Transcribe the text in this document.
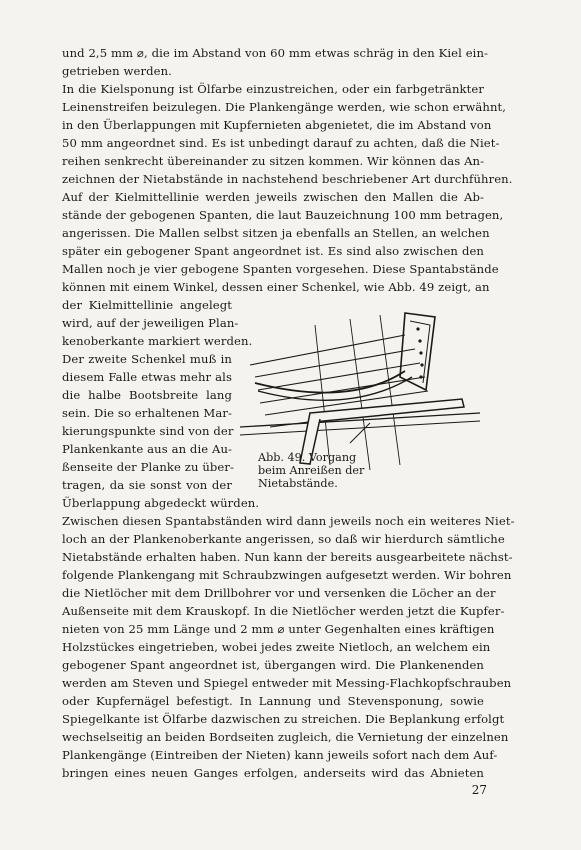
und 2,5 mm ⌀, die im Abstand von 60 mm etwas schräg in den Kiel ein-
getrieben werden.
In die Kielsponung ist Ölfarbe einzustreichen, oder ein farbgetränkter
Leinenstreifen beizulegen. Die Plankengänge werden, wie schon erwähnt,
in den Überlappungen mit Kupfernieten abgenietet, die im Abstand von
50 mm angeordnet sind. Es ist unbedingt darauf zu achten, daß die Niet-
reihen senkrecht übereinander zu sitzen kommen. Wir können das An-
zeichnen der Nietabstände in nachstehend beschriebener Art durchführen.
Auf der Kielmittellinie werden jeweils zwischen den Mallen die Ab-
stände der gebogenen Spanten, die laut Bauzeichnung 100 mm betragen,
angerissen. Die Mallen selbst sitzen ja ebenfalls an Stellen, an welchen
später ein gebogener Spant angeordnet ist. Es sind also zwischen den
Mallen noch je vier gebogene Spanten vorgesehen. Diese Spantabstände
können mit einem Winkel, dessen einer Schenkel, wie Abb. 49 zeigt, an
der Kielmittellinie angelegt
wird, auf der jeweiligen Plan-
kenoberkante markiert werden.
Der zweite Schenkel muß in
diesem Falle etwas mehr als
die halbe Bootsbreite lang
sein. Die so erhaltenen Mar-
kierungspunkte sind von der
Plankenkante aus an die Au-
ßenseite der Planke zu über-
tragen, da sie sonst von der
Überlappung abgedeckt würden.
Abb. 49. Vorgang
beim Anreißen der
Nietabstände.
Zwischen diesen Spantabständen wird dann jeweils noch ein weiteres Niet-
loch an der Plankenoberkante angerissen, so daß wir hierdurch sämtliche
Nietabstände erhalten haben. Nun kann der bereits ausgearbeitete nächst-
folgende Plankengang mit Schraubzwingen aufgesetzt werden. Wir bohren
die Nietlöcher mit dem Drillbohrer vor und versenken die Löcher an der
Außenseite mit dem Krauskopf. In die Nietlöcher werden jetzt die Kupfer-
nieten von 25 mm Länge und 2 mm ⌀ unter Gegenhalten eines kräftigen
Holzstückes eingetrieben, wobei jedes zweite Nietloch, an welchem ein
gebogener Spant angeordnet ist, übergangen wird. Die Plankenenden
werden am Steven und Spiegel entweder mit Messing-Flachkopfschrauben
oder Kupfernägel befestigt. In Lannung und Stevensponung, sowie
Spiegelkante ist Ölfarbe dazwischen zu streichen. Die Beplankung erfolgt
wechselseitig an beiden Bordseiten zugleich, die Vernietung der einzelnen
Plankengänge (Eintreiben der Nieten) kann jeweils sofort nach dem Auf-
bringen eines neuen Ganges erfolgen, anderseits wird das Abnieten
27
